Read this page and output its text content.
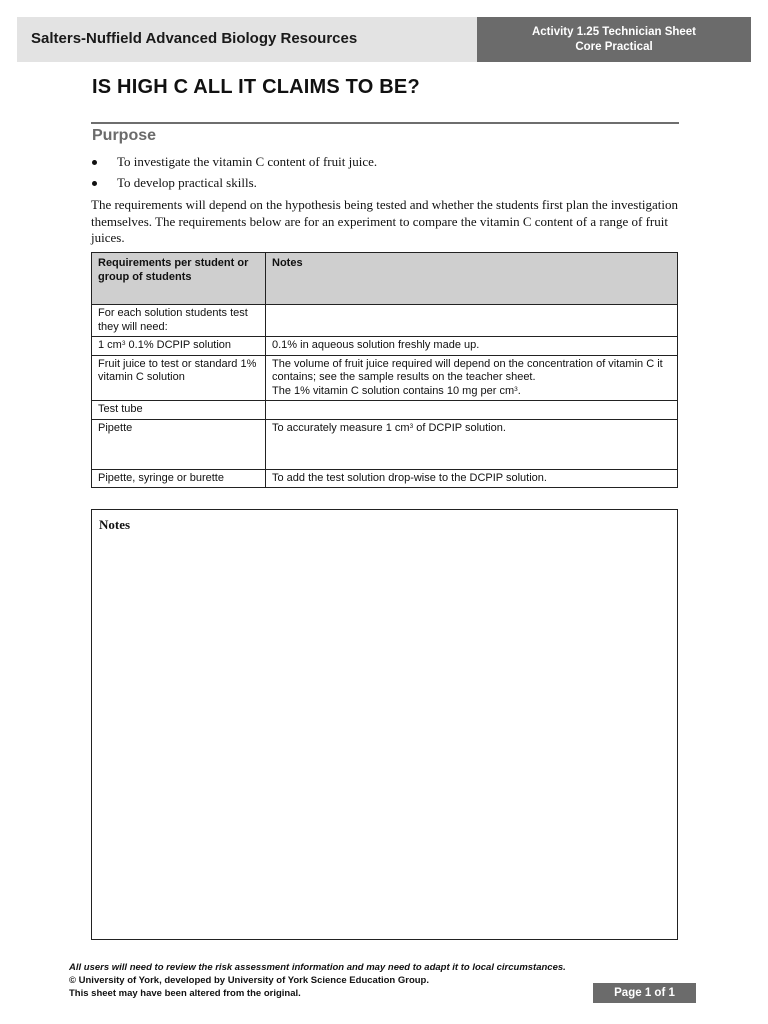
Salters-Nuffield Advanced Biology Resources	Activity 1.25 Technician Sheet
Core Practical
IS HIGH C ALL IT CLAIMS TO BE?
Purpose
To investigate the vitamin C content of fruit juice.
To develop practical skills.

The requirements will depend on the hypothesis being tested and whether the students first plan the investigation themselves. The requirements below are for an experiment to compare the vitamin C content of a range of fruit juices.

Requirements per student or group of students	Notes
For each solution students test they will need:	
1 $cm^3$ 0.1% DCPIP solution	0.1% in aqueous solution freshly made up.
Fruit juice to test or standard 1% vitamin C solution	The volume of fruit juice required will depend on the concentration of vitamin C it contains; see the sample results on the teacher sheet.
The 1% vitamin C solution contains 10 mg per $cm^3$.

Test tube	
Pipette	To accurately measure 1 $cm^3$ of DCPIP solution.
Pipette, syringe or burette	To add the test solution drop-wise to the DCPIP solution.
Notes
All users will need to review the risk assessment information and may need to adapt it to local circumstances.
© University of York, developed by University of York Science Education Group.
This sheet may have been altered from the original.	Page 1 of 1
